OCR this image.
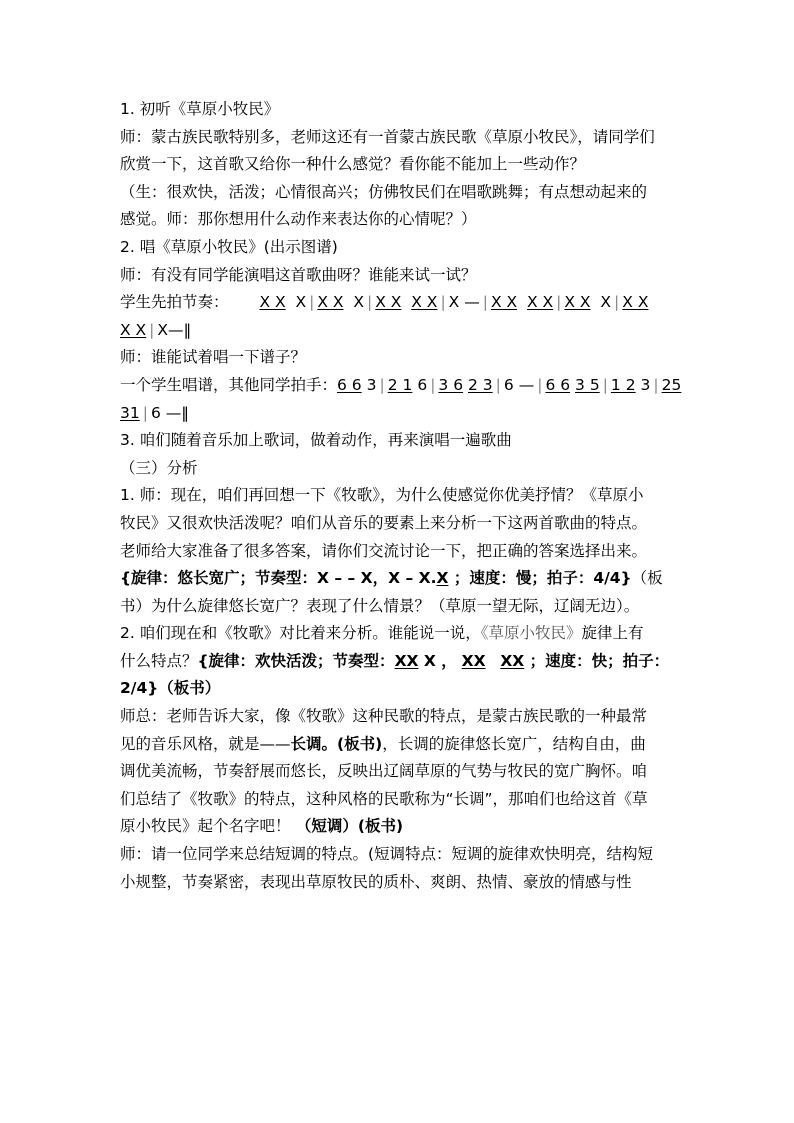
1. 初听《草原小牧民》
师：蒙古族民歌特别多，老师这还有一首蒙古族民歌《草原小牧民》，请同学们
欣赏一下，这首歌又给你一种什么感觉？看你能不能加上一些动作？
（生：很欢快，活泼；心情很高兴；仿佛牧民们在唱歌跳舞；有点想动起来的
感觉。师：那你想用什么动作来表达你的心情呢？）
2. 唱《草原小牧民》(出示图谱)
师：有没有同学能演唱这首歌曲呀？谁能来试一试？
学生先拍节奏： X X X | X X X | X X X X | X — | X X X X | X X X | X X
X X | X—‖
师：谁能试着唱一下谱子？
一个学生唱谱，其他同学拍手：6 6 3 | 2 1 6 | 3 6 2 3 | 6 — | 6 6 3 5 | 1 2 3 | 25
31 | 6 —‖
3. 咱们随着音乐加上歌词，做着动作，再来演唱一遍歌曲
（三）分析
1. 师：现在，咱们再回想一下《牧歌》，为什么使感觉你优美抒情？《草原小
牧民》又很欢快活泼呢？咱们从音乐的要素上来分析一下这两首歌曲的特点。
老师给大家准备了很多答案，请你们交流讨论一下，把正确的答案选择出来。
{旋律：悠长宽广；节奏型：X – – X，X – X.X ；速度：慢；拍子：4/4}（板
书）为什么旋律悠长宽广？表现了什么情景？（草原一望无际，辽阔无边）。
2. 咱们现在和《牧歌》对比着来分析。谁能说一说，《草原小牧民》旋律上有
什么特点？{旋律：欢快活泼；节奏型：XX X ， XX XX ；速度：快；拍子：
2/4}（板书）
师总：老师告诉大家，像《牧歌》这种民歌的特点，是蒙古族民歌的一种最常
见的音乐风格，就是——长调。(板书)，长调的旋律悠长宽广，结构自由，曲
调优美流畅，节奏舒展而悠长，反映出辽阔草原的气势与牧民的宽广胸怀。咱
们总结了《牧歌》的特点，这种风格的民歌称为“长调”，那咱们也给这首《草
原小牧民》起个名字吧！ （短调）(板书)
师：请一位同学来总结短调的特点。(短调特点：短调的旋律欢快明亮，结构短
小规整，节奏紧密，表现出草原牧民的质朴、爽朗、热情、豪放的情感与性
